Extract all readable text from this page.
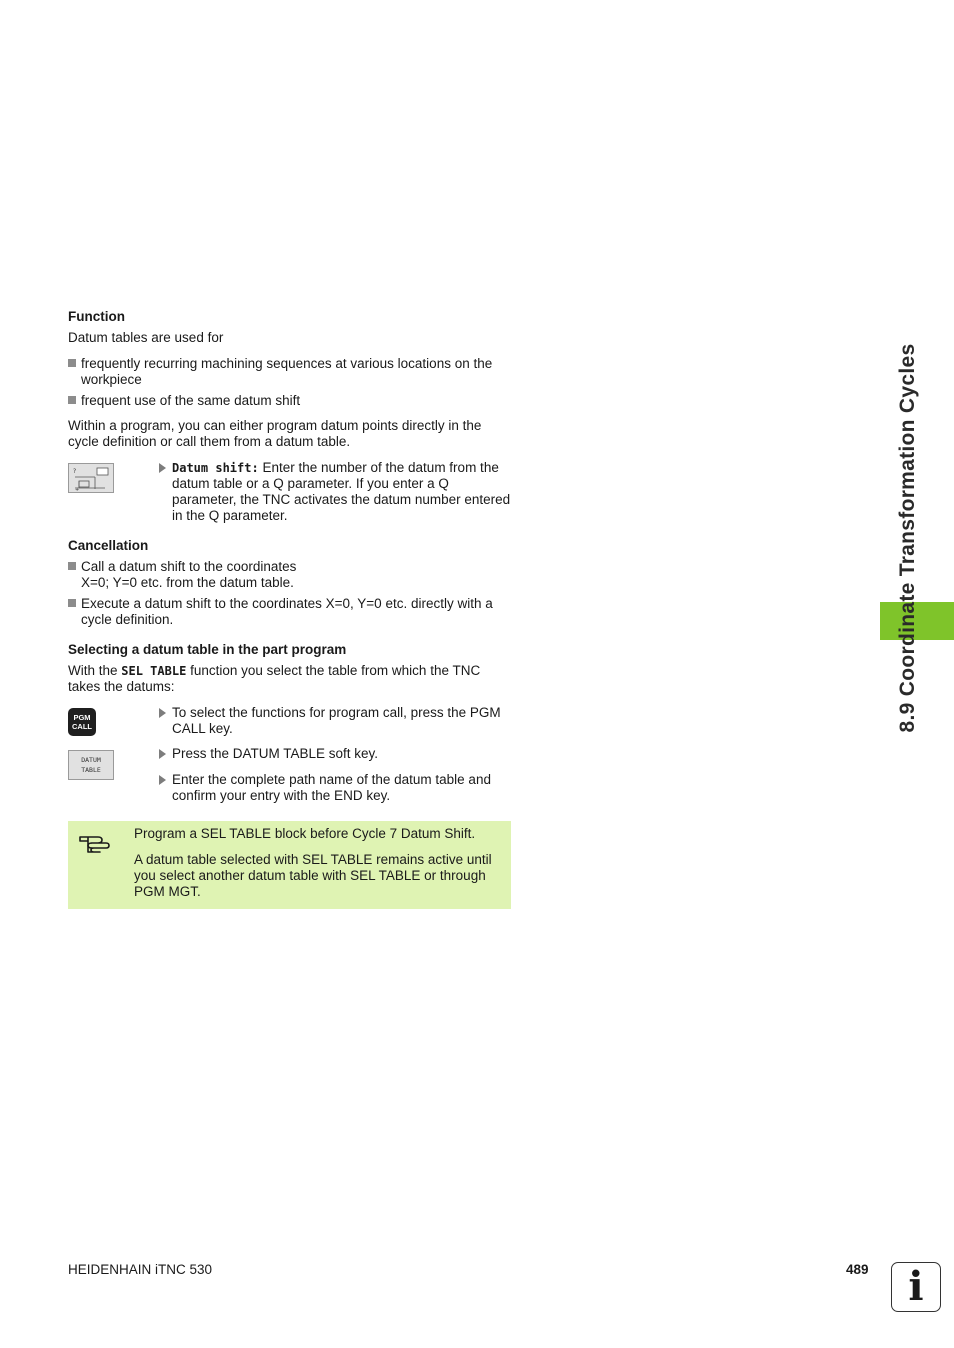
Function
Datum tables are used for
frequently recurring machining sequences at various locations on the workpiece
frequent use of the same datum shift
Within a program, you can either program datum points directly in the cycle definition or call them from a datum table.
?
+
Datum shift: Enter the number of the datum from the datum table or a Q parameter. If you enter a Q parameter, the TNC activates the datum number entered in the Q parameter.
Cancellation
Call a datum shift to the coordinates X=0; Y=0 etc. from the datum table.
Execute a datum shift to the coordinates X=0, Y=0 etc. directly with a cycle definition.
Selecting a datum table in the part program
With the SEL TABLE function you select the table from which the TNC takes the datums:
PGM
CALL
DATUM
TABLE
To select the functions for program call, press the PGM CALL key.
Press the DATUM TABLE soft key.
Enter the complete path name of the datum table and confirm your entry with the END key.
Program a SEL TABLE block before Cycle 7 Datum Shift.
A datum table selected with SEL TABLE remains active until you select another datum table with SEL TABLE or through PGM MGT.
8.9 Coordinate Transformation Cycles
HEIDENHAIN iTNC 530	489 i
